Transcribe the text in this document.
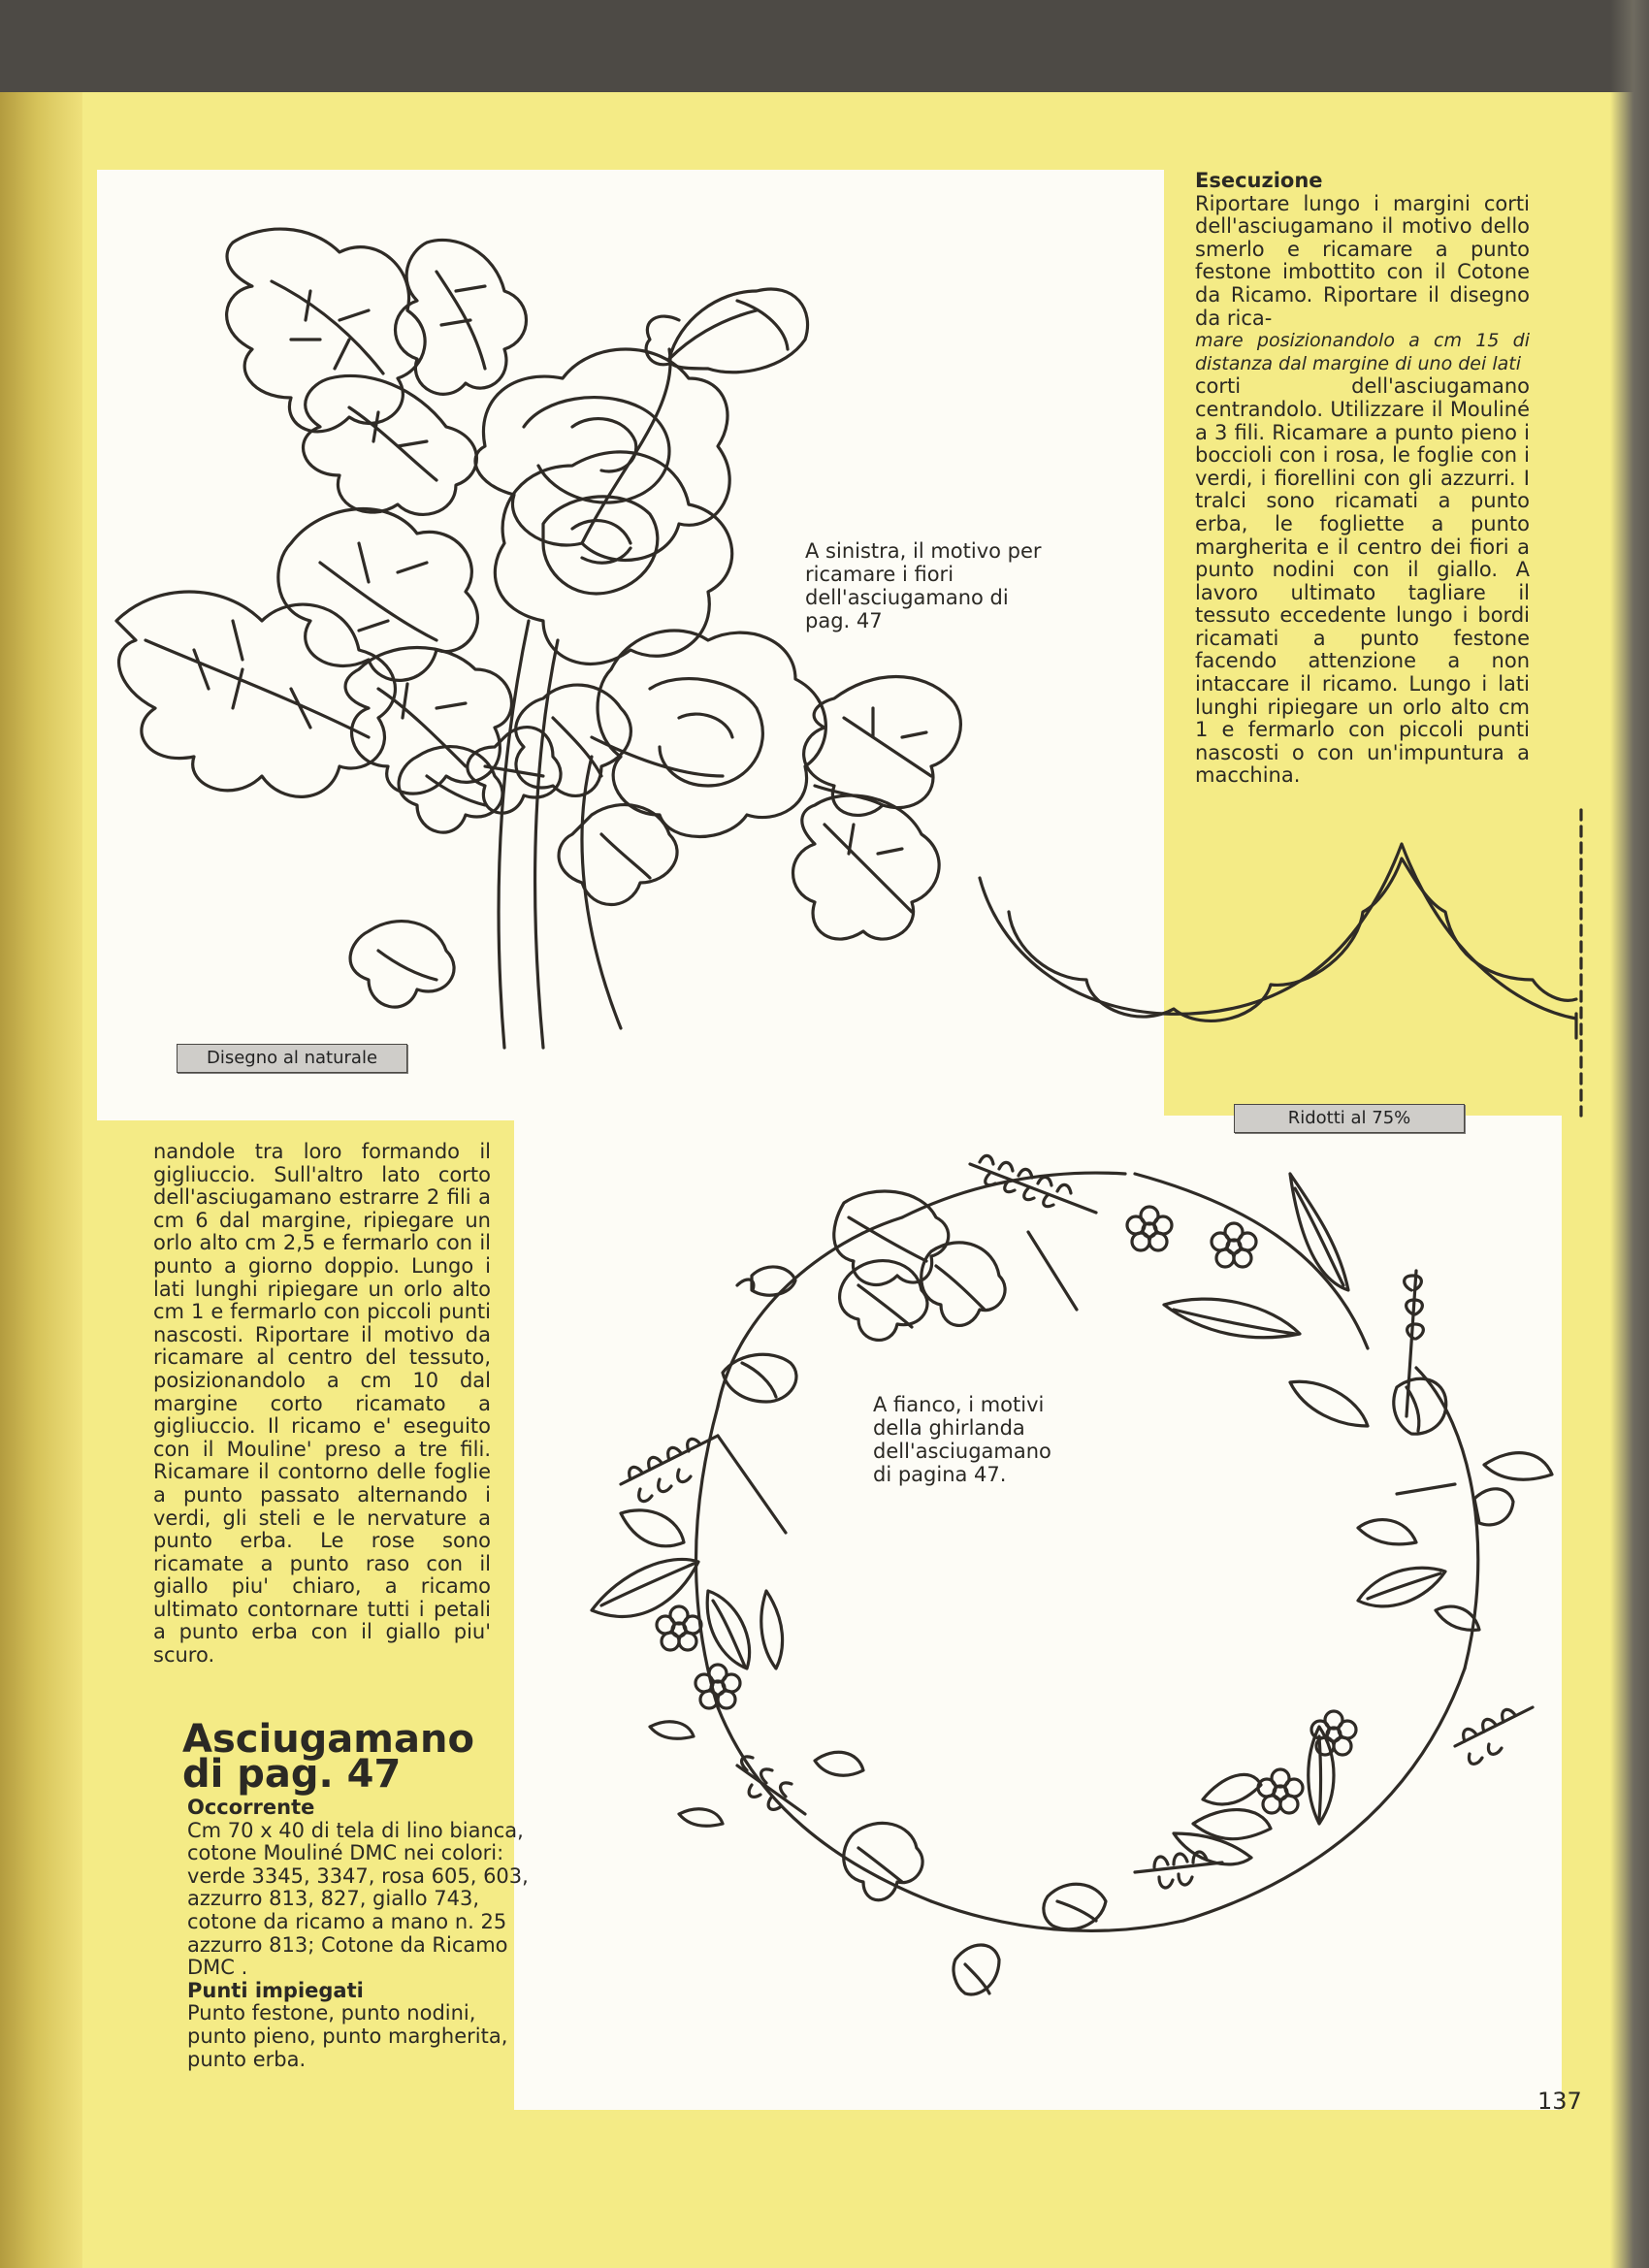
Esecuzione

Riportare lungo i margini corti dell'asciugamano il motivo dello smerlo e ricamare a punto festone imbottito con il Cotone da Ricamo. Riportare il disegno da rica-

mare posizionandolo a cm 15 di distanza dal margine di uno dei lati

corti dell'asciugamano centrandolo. Utilizzare il Mouliné a 3 fili. Ricamare a punto pieno i boccioli con i rosa, le foglie con i verdi, i fiorellini con gli azzurri. I tralci sono ricamati a punto erba, le fogliette a punto margherita e il centro dei fiori a punto nodini con il giallo. A lavoro ultimato tagliare il tessuto eccedente lungo i bordi ricamati a punto festone facendo attenzione a non intaccare il ricamo. Lungo i lati lunghi ripiegare un orlo alto cm 1 e fermarlo con piccoli punti nascosti o con un'impuntura a macchina.

A sinistra, il motivo per ricamare i fiori dell'asciugamano di pag. 47

A fianco, i motivi della ghirlanda dell'asciugamano di pagina 47.

Disegno al naturale
Ridotti al 75%

nandole tra loro formando il gigliuccio. Sull'altro lato corto dell'asciugamano estrarre 2 fili a cm 6 dal margine, ripiegare un orlo alto cm 2,5 e fermarlo con il punto a giorno doppio. Lungo i lati lunghi ripiegare un orlo alto cm 1 e fermarlo con piccoli punti nascosti. Riportare il motivo da ricamare al centro del tessuto, posizionandolo a cm 10 dal margine corto ricamato a gigliuccio. Il ricamo e' eseguito con il Mouline' preso a tre fili. Ricamare il contorno delle foglie a punto passato alternando i verdi, gli steli e le nervature a punto erba. Le rose sono ricamate a punto raso con il giallo piu' chiaro, a ricamo ultimato contornare tutti i petali a punto erba con il giallo piu' scuro.

Asciugamano
di pag. 47

Occorrente

Cm 70 x 40 di tela di lino bianca, cotone Mouliné DMC nei colori: verde 3345, 3347, rosa 605, 603, azzurro 813, 827, giallo 743, cotone da ricamo a mano n. 25 azzurro 813; Cotone da Ricamo DMC .

Punti impiegati

Punto festone, punto nodini, punto pieno, punto margherita, punto erba.

137
